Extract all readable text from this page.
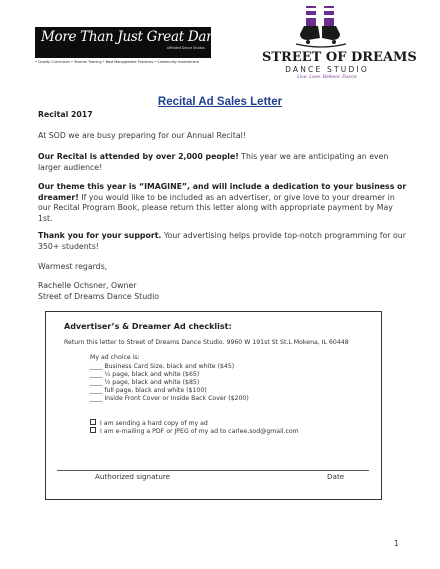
More Than Just Great Dancing!
Affiliated Dance Studios
• Quality Curriculum • Teacher Training • Best Management Practices • Community Involvement	STREET OF DREAMS
DANCE STUDIO
Live. Love. Believe. Dance
Recital Ad Sales Letter
Recital 2017
At SOD we are busy preparing for our Annual Recital!
Our Recital is attended by over 2,000 people! This year we are anticipating an even larger audience!
Our theme this year is “IMAGINE”, and will include a dedication to your business or dreamer! If you would like to be included as an advertiser, or give love to your dreamer in our Recital Program Book, please return this letter along with appropriate payment by May 1st.
Thank you for your support. Your advertising helps provide top-notch programming for our 350+ students!
Warmest regards,
Rachelle Ochsner, Owner
Street of Dreams Dance Studio
Advertiser’s & Dreamer Ad checklist:
Return this letter to Street of Dreams Dance Studio. 9960 W 191st St St.L Mokena, IL 60448
My ad choice is:
____ Business Card Size, black and white ($45)
____ ¼ page, black and white ($65)
____ ½ page, black and white ($85)
____ full page, black and white ($100)
____ Inside Front Cover or Inside Back Cover ($200)
I am sending a hard copy of my ad
I am e-mailing a PDF or JPEG of my ad to carlee.sod@gmail.com
Authorized signature	Date
1
